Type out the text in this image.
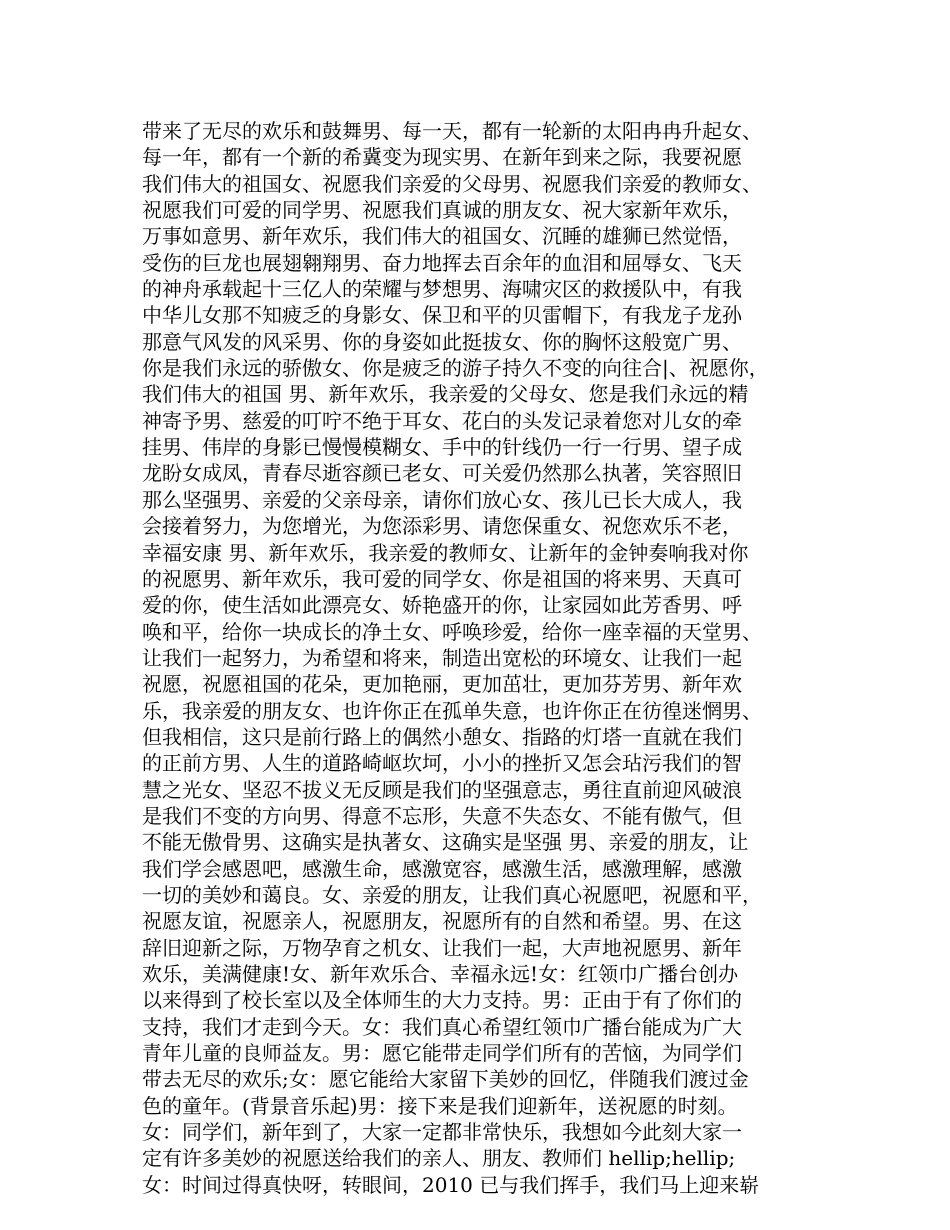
带来了无尽的欢乐和鼓舞男、每一天，都有一轮新的太阳冉冉升起女、
每一年，都有一个新的希冀变为现实男、在新年到来之际，我要祝愿
我们伟大的祖国女、祝愿我们亲爱的父母男、祝愿我们亲爱的教师女、
祝愿我们可爱的同学男、祝愿我们真诚的朋友女、祝大家新年欢乐，
万事如意男、新年欢乐，我们伟大的祖国女、沉睡的雄狮已然觉悟，
受伤的巨龙也展翅翱翔男、奋力地挥去百余年的血泪和屈辱女、飞天
的神舟承载起十三亿人的荣耀与梦想男、海啸灾区的救援队中，有我
中华儿女那不知疲乏的身影女、保卫和平的贝雷帽下，有我龙子龙孙
那意气风发的风采男、你的身姿如此挺拔女、你的胸怀这般宽广男、
你是我们永远的骄傲女、你是疲乏的游子持久不变的向往合|、祝愿你，
我们伟大的祖国 男、新年欢乐，我亲爱的父母女、您是我们永远的精
神寄予男、慈爱的叮咛不绝于耳女、花白的头发记录着您对儿女的牵
挂男、伟岸的身影已慢慢模糊女、手中的针线仍一行一行男、望子成
龙盼女成凤，青春尽逝容颜已老女、可关爱仍然那么执著，笑容照旧
那么坚强男、亲爱的父亲母亲，请你们放心女、孩儿已长大成人，我
会接着努力，为您增光，为您添彩男、请您保重女、祝您欢乐不老，
幸福安康 男、新年欢乐，我亲爱的教师女、让新年的金钟奏响我对你
的祝愿男、新年欢乐，我可爱的同学女、你是祖国的将来男、天真可
爱的你，使生活如此漂亮女、娇艳盛开的你，让家园如此芳香男、呼
唤和平，给你一块成长的净土女、呼唤珍爱，给你一座幸福的天堂男、
让我们一起努力，为希望和将来，制造出宽松的环境女、让我们一起
祝愿，祝愿祖国的花朵，更加艳丽，更加茁壮，更加芬芳男、新年欢
乐，我亲爱的朋友女、也许你正在孤单失意，也许你正在彷徨迷惘男、
但我相信，这只是前行路上的偶然小憩女、指路的灯塔一直就在我们
的正前方男、人生的道路崎岖坎坷，小小的挫折又怎会玷污我们的智
慧之光女、坚忍不拔义无反顾是我们的坚强意志，勇往直前迎风破浪
是我们不变的方向男、得意不忘形，失意不失态女、不能有傲气，但
不能无傲骨男、这确实是执著女、这确实是坚强 男、亲爱的朋友，让
我们学会感恩吧，感激生命，感激宽容，感激生活，感激理解，感激
一切的美妙和蔼良。女、亲爱的朋友，让我们真心祝愿吧，祝愿和平，
祝愿友谊，祝愿亲人，祝愿朋友，祝愿所有的自然和希望。男、在这
辞旧迎新之际，万物孕育之机女、让我们一起，大声地祝愿男、新年
欢乐，美满健康!女、新年欢乐合、幸福永远!女：红领巾广播台创办
以来得到了校长室以及全体师生的大力支持。男：正由于有了你们的
支持，我们才走到今天。女：我们真心希望红领巾广播台能成为广大
青年儿童的良师益友。男：愿它能带走同学们所有的苦恼，为同学们
带去无尽的欢乐;女：愿它能给大家留下美妙的回忆，伴随我们渡过金
色的童年。(背景音乐起)男：接下来是我们迎新年，送祝愿的时刻。
女：同学们，新年到了，大家一定都非常快乐，我想如今此刻大家一
定有许多美妙的祝愿送给我们的亲人、朋友、教师们 hellip;hellip;
女：时间过得真快呀，转眼间，2010 已与我们挥手，我们马上迎来崭
